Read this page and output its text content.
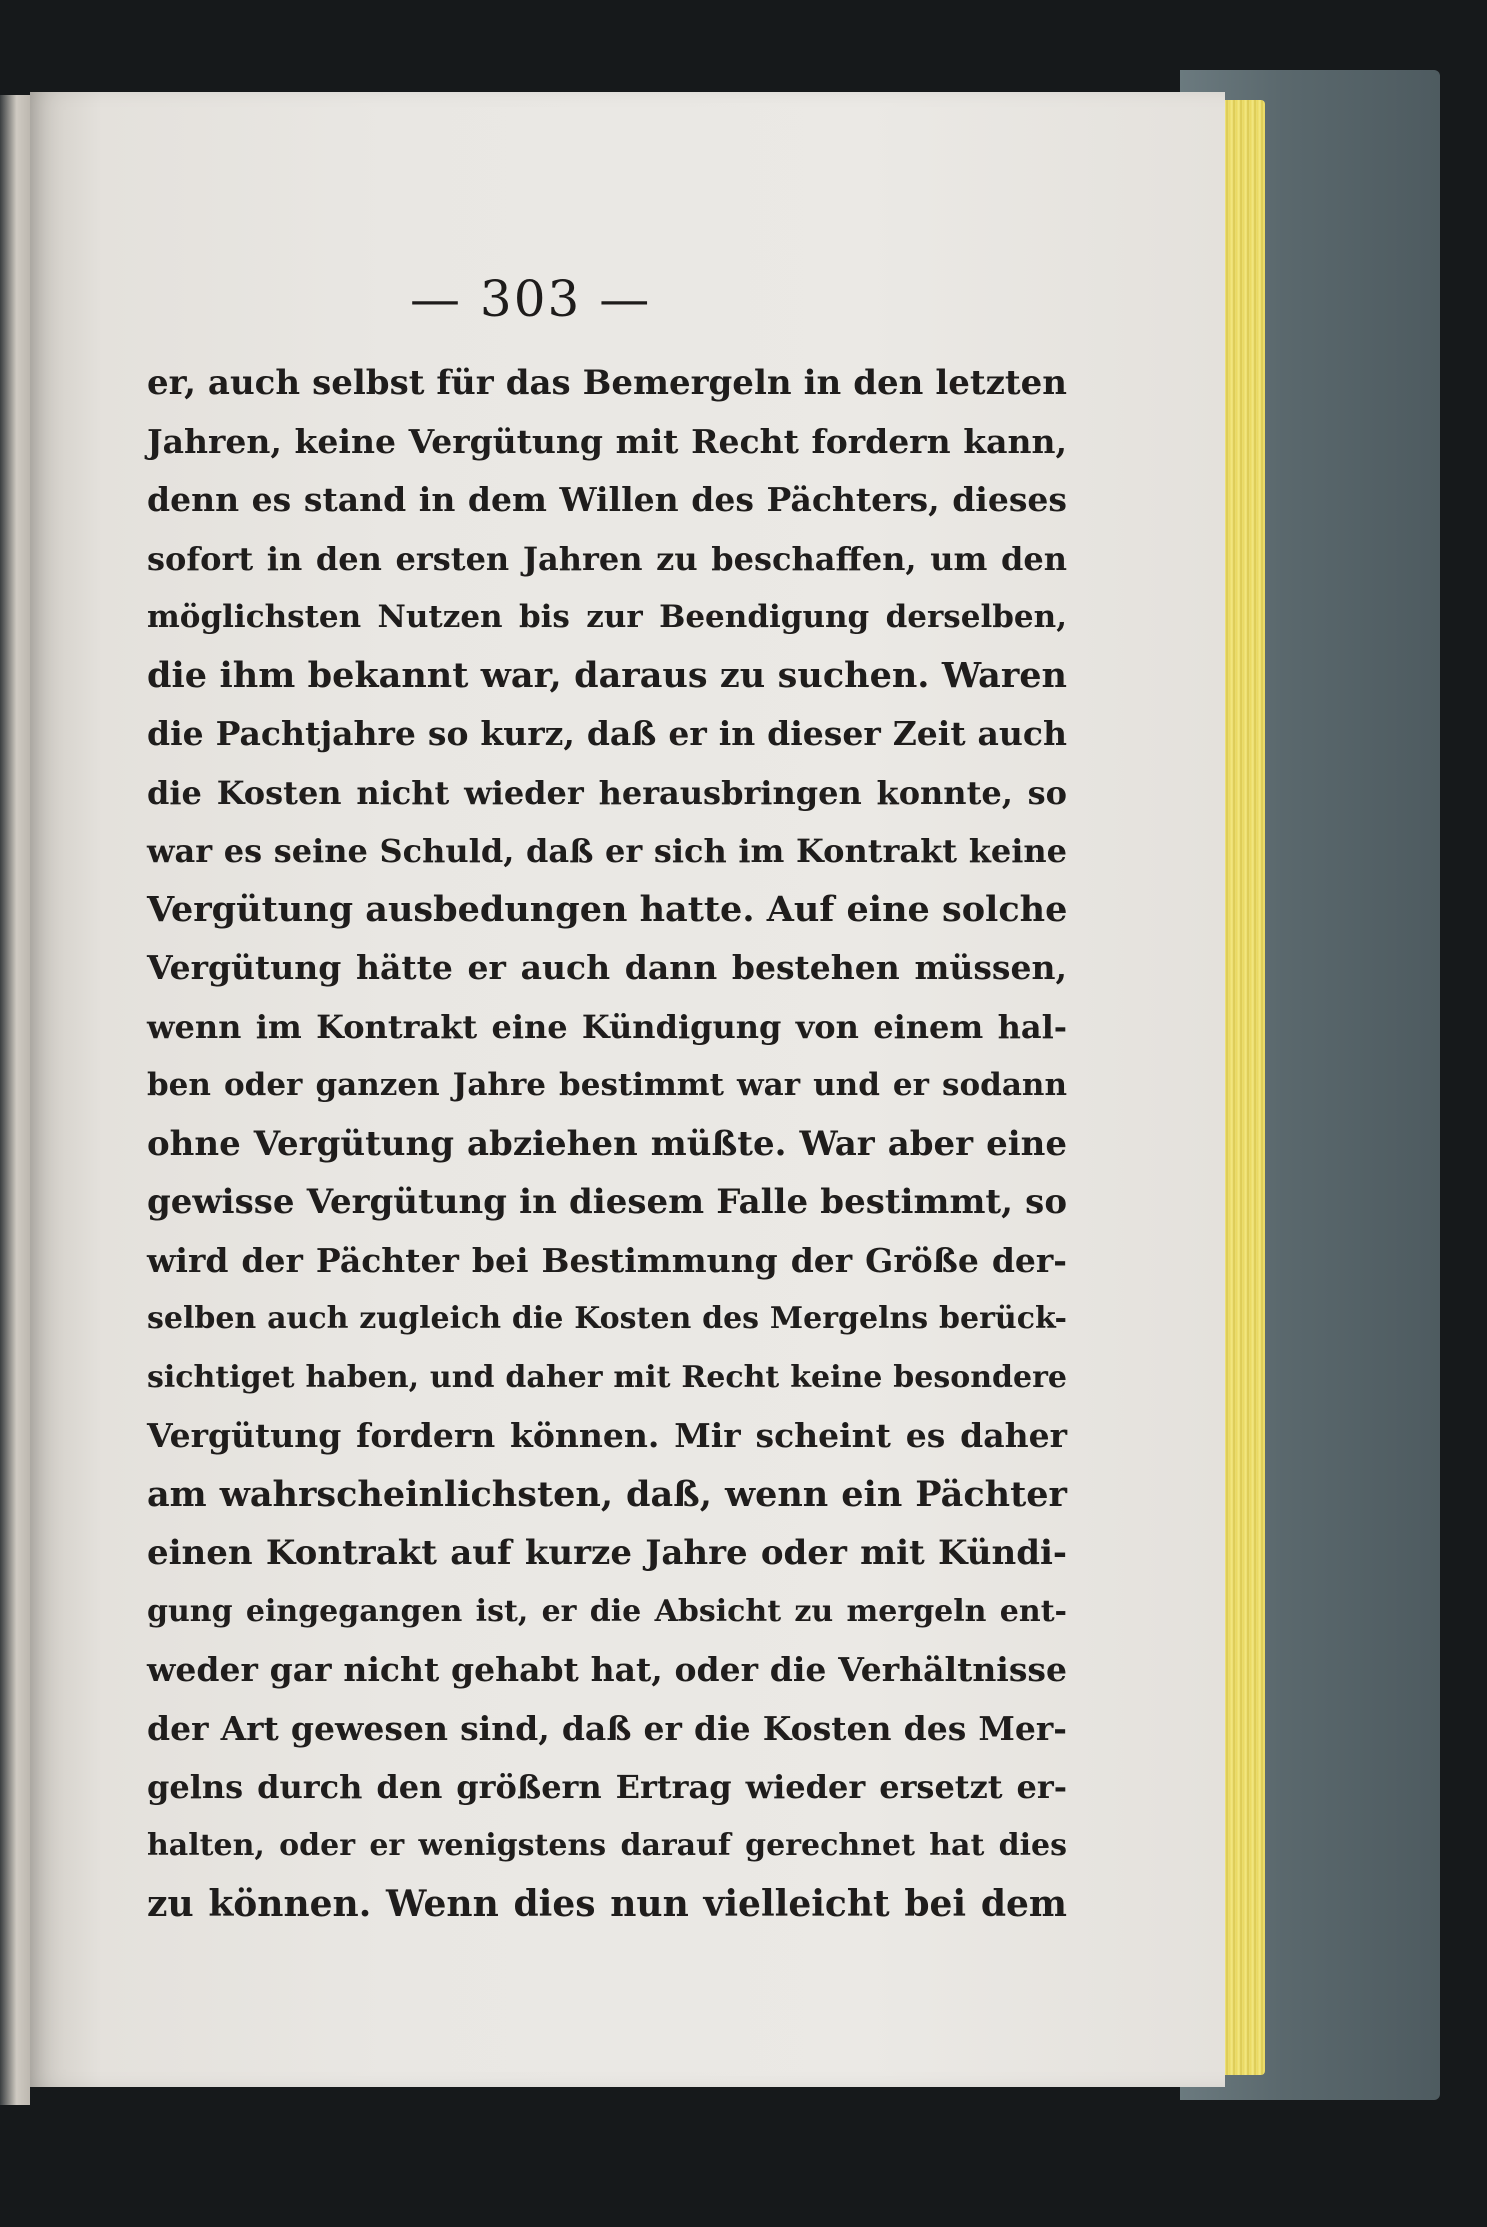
— 303 —
er, auch selbst für das Bemergeln in den letzten
Jahren, keine Vergütung mit Recht fordern kann,
denn es stand in dem Willen des Pächters, dieses
sofort in den ersten Jahren zu beschaffen, um den
möglichsten Nutzen bis zur Beendigung derselben,
die ihm bekannt war, daraus zu suchen. Waren
die Pachtjahre so kurz, daß er in dieser Zeit auch
die Kosten nicht wieder herausbringen konnte, so
war es seine Schuld, daß er sich im Kontrakt keine
Vergütung ausbedungen hatte. Auf eine solche
Vergütung hätte er auch dann bestehen müssen,
wenn im Kontrakt eine Kündigung von einem hal-
ben oder ganzen Jahre bestimmt war und er sodann
ohne Vergütung abziehen müßte. War aber eine
gewisse Vergütung in diesem Falle bestimmt, so
wird der Pächter bei Bestimmung der Größe der-
selben auch zugleich die Kosten des Mergelns berück-
sichtiget haben, und daher mit Recht keine besondere
Vergütung fordern können. Mir scheint es daher
am wahrscheinlichsten, daß, wenn ein Pächter
einen Kontrakt auf kurze Jahre oder mit Kündi-
gung eingegangen ist, er die Absicht zu mergeln ent-
weder gar nicht gehabt hat, oder die Verhältnisse
der Art gewesen sind, daß er die Kosten des Mer-
gelns durch den größern Ertrag wieder ersetzt er-
halten, oder er wenigstens darauf gerechnet hat dies
zu können. Wenn dies nun vielleicht bei dem
